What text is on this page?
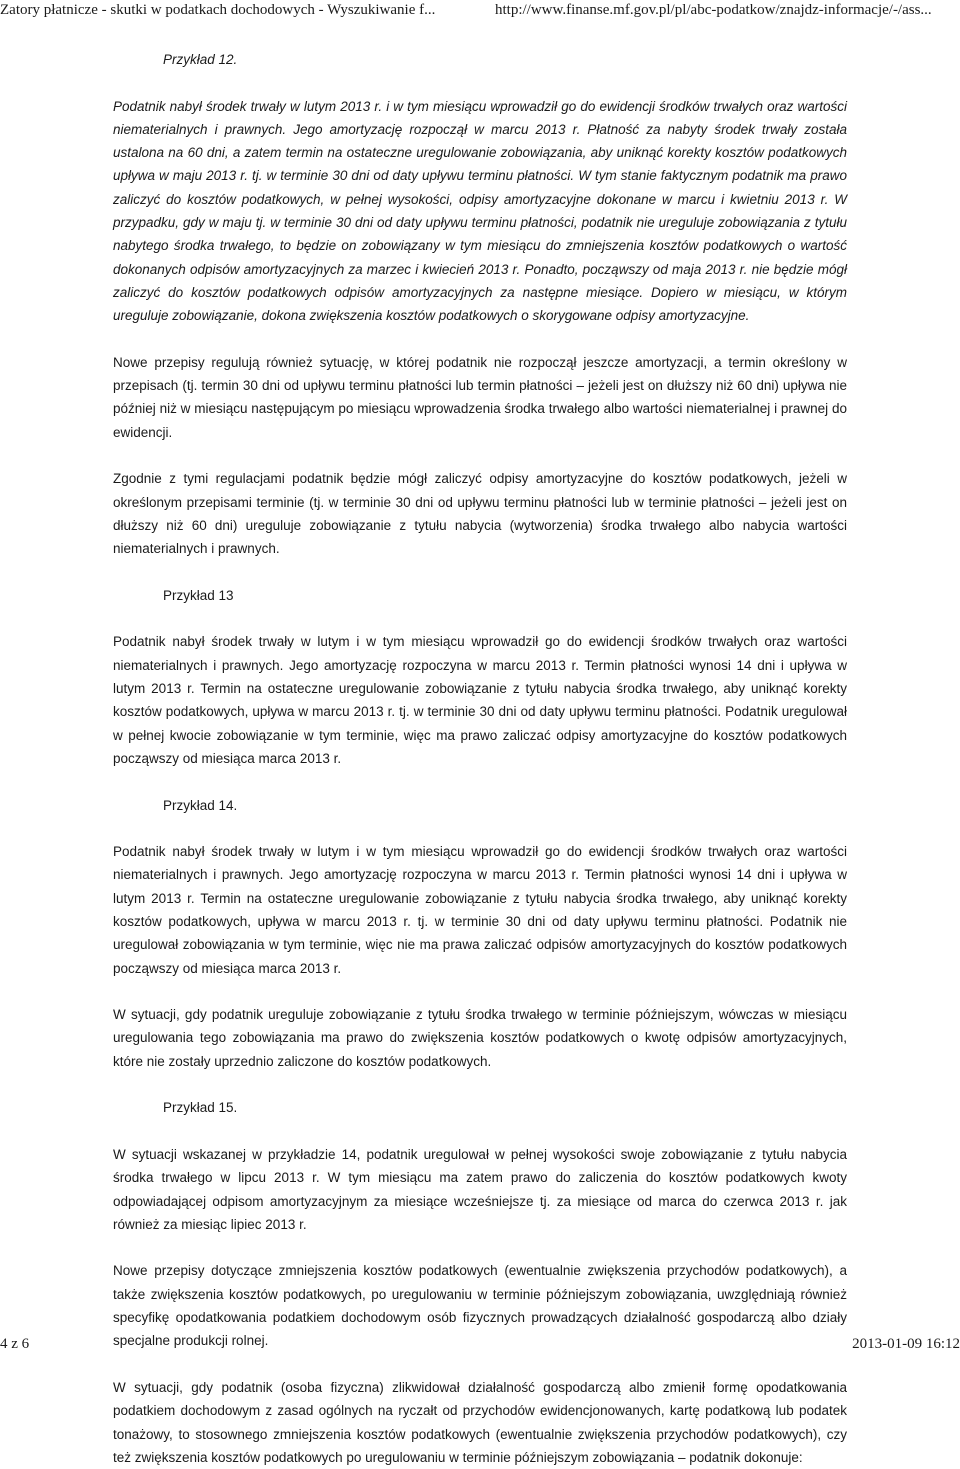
Zatory płatnicze - skutki w podatkach dochodowych - Wyszukiwanie f...	http://www.finanse.mf.gov.pl/pl/abc-podatkow/znajdz-informacje/-/ass...
Przykład 12.
Podatnik nabył środek trwały w lutym 2013 r. i w tym miesiącu wprowadził go do ewidencji środków trwałych oraz wartości niematerialnych i prawnych. Jego amortyzację rozpoczął w marcu 2013 r. Płatność za nabyty środek trwały została ustalona na 60 dni, a zatem termin na ostateczne uregulowanie zobowiązania, aby uniknąć korekty kosztów podatkowych upływa w maju 2013 r. tj. w terminie 30 dni od daty upływu terminu płatności. W tym stanie faktycznym podatnik ma prawo zaliczyć do kosztów podatkowych, w pełnej wysokości, odpisy amortyzacyjne dokonane w marcu i kwietniu 2013 r. W przypadku, gdy w maju tj. w terminie 30 dni od daty upływu terminu płatności, podatnik nie ureguluje zobowiązania z tytułu nabytego środka trwałego, to będzie on zobowiązany w tym miesiącu do zmniejszenia kosztów podatkowych o wartość dokonanych odpisów amortyzacyjnych za marzec i kwiecień 2013 r. Ponadto, począwszy od maja 2013 r. nie będzie mógł zaliczyć do kosztów podatkowych odpisów amortyzacyjnych za następne miesiące. Dopiero w miesiącu, w którym ureguluje zobowiązanie, dokona zwiększenia kosztów podatkowych o skorygowane odpisy amortyzacyjne.
Nowe przepisy regulują również sytuację, w której podatnik nie rozpoczął jeszcze amortyzacji, a termin określony w przepisach (tj. termin 30 dni od upływu terminu płatności lub termin płatności – jeżeli jest on dłuższy niż 60 dni) upływa nie później niż w miesiącu następującym po miesiącu wprowadzenia środka trwałego albo wartości niematerialnej i prawnej do ewidencji.
Zgodnie z tymi regulacjami podatnik będzie mógł zaliczyć odpisy amortyzacyjne do kosztów podatkowych, jeżeli w określonym przepisami terminie (tj. w terminie 30 dni od upływu terminu płatności lub w terminie płatności – jeżeli jest on dłuższy niż 60 dni) ureguluje zobowiązanie z tytułu nabycia (wytworzenia) środka trwałego albo nabycia wartości niematerialnych i prawnych.
Przykład 13
Podatnik nabył środek trwały w lutym i w tym miesiącu wprowadził go do ewidencji środków trwałych oraz wartości niematerialnych i prawnych. Jego amortyzację rozpoczyna w marcu 2013 r. Termin płatności wynosi 14 dni i upływa w lutym 2013 r. Termin na ostateczne uregulowanie zobowiązanie z tytułu nabycia środka trwałego, aby uniknąć korekty kosztów podatkowych, upływa w marcu 2013 r. tj. w terminie 30 dni od daty upływu terminu płatności. Podatnik uregulował w pełnej kwocie zobowiązanie w tym terminie, więc ma prawo zaliczać odpisy amortyzacyjne do kosztów podatkowych począwszy od miesiąca marca 2013 r.
Przykład 14.
Podatnik nabył środek trwały w lutym i w tym miesiącu wprowadził go do ewidencji środków trwałych oraz wartości niematerialnych i prawnych. Jego amortyzację rozpoczyna w marcu 2013 r. Termin płatności wynosi 14 dni i upływa w lutym 2013 r. Termin na ostateczne uregulowanie zobowiązanie z tytułu nabycia środka trwałego, aby uniknąć korekty kosztów podatkowych, upływa w marcu 2013 r. tj. w terminie 30 dni od daty upływu terminu płatności. Podatnik nie uregulował zobowiązania w tym terminie, więc nie ma prawa zaliczać odpisów amortyzacyjnych do kosztów podatkowych począwszy od miesiąca marca 2013 r.
W sytuacji, gdy podatnik ureguluje zobowiązanie z tytułu środka trwałego w terminie późniejszym, wówczas w miesiącu uregulowania tego zobowiązania ma prawo do zwiększenia kosztów podatkowych o kwotę odpisów amortyzacyjnych, które nie zostały uprzednio zaliczone do kosztów podatkowych.
Przykład 15.
W sytuacji wskazanej w przykładzie 14, podatnik uregulował w pełnej wysokości swoje zobowiązanie z tytułu nabycia środka trwałego w lipcu 2013 r. W tym miesiącu ma zatem prawo do zaliczenia do kosztów podatkowych kwoty odpowiadającej odpisom amortyzacyjnym za miesiące wcześniejsze tj. za miesiące od marca do czerwca 2013 r. jak również za miesiąc lipiec 2013 r.
Nowe przepisy dotyczące zmniejszenia kosztów podatkowych (ewentualnie zwiększenia przychodów podatkowych), a także zwiększenia kosztów podatkowych, po uregulowaniu w terminie późniejszym zobowiązania, uwzględniają również specyfikę opodatkowania podatkiem dochodowym osób fizycznych prowadzących działalność gospodarczą albo działy specjalne produkcji rolnej.
W sytuacji, gdy podatnik (osoba fizyczna) zlikwidował działalność gospodarczą albo zmienił formę opodatkowania podatkiem dochodowym z zasad ogólnych na ryczałt od przychodów ewidencjonowanych, kartę podatkową lub podatek tonażowy, to stosownego zmniejszenia kosztów podatkowych (ewentualnie zwiększenia przychodów podatkowych), czy też zwiększenia kosztów podatkowych po uregulowaniu w terminie późniejszym zobowiązania – podatnik dokonuje:
4 z 6	2013-01-09 16:12
